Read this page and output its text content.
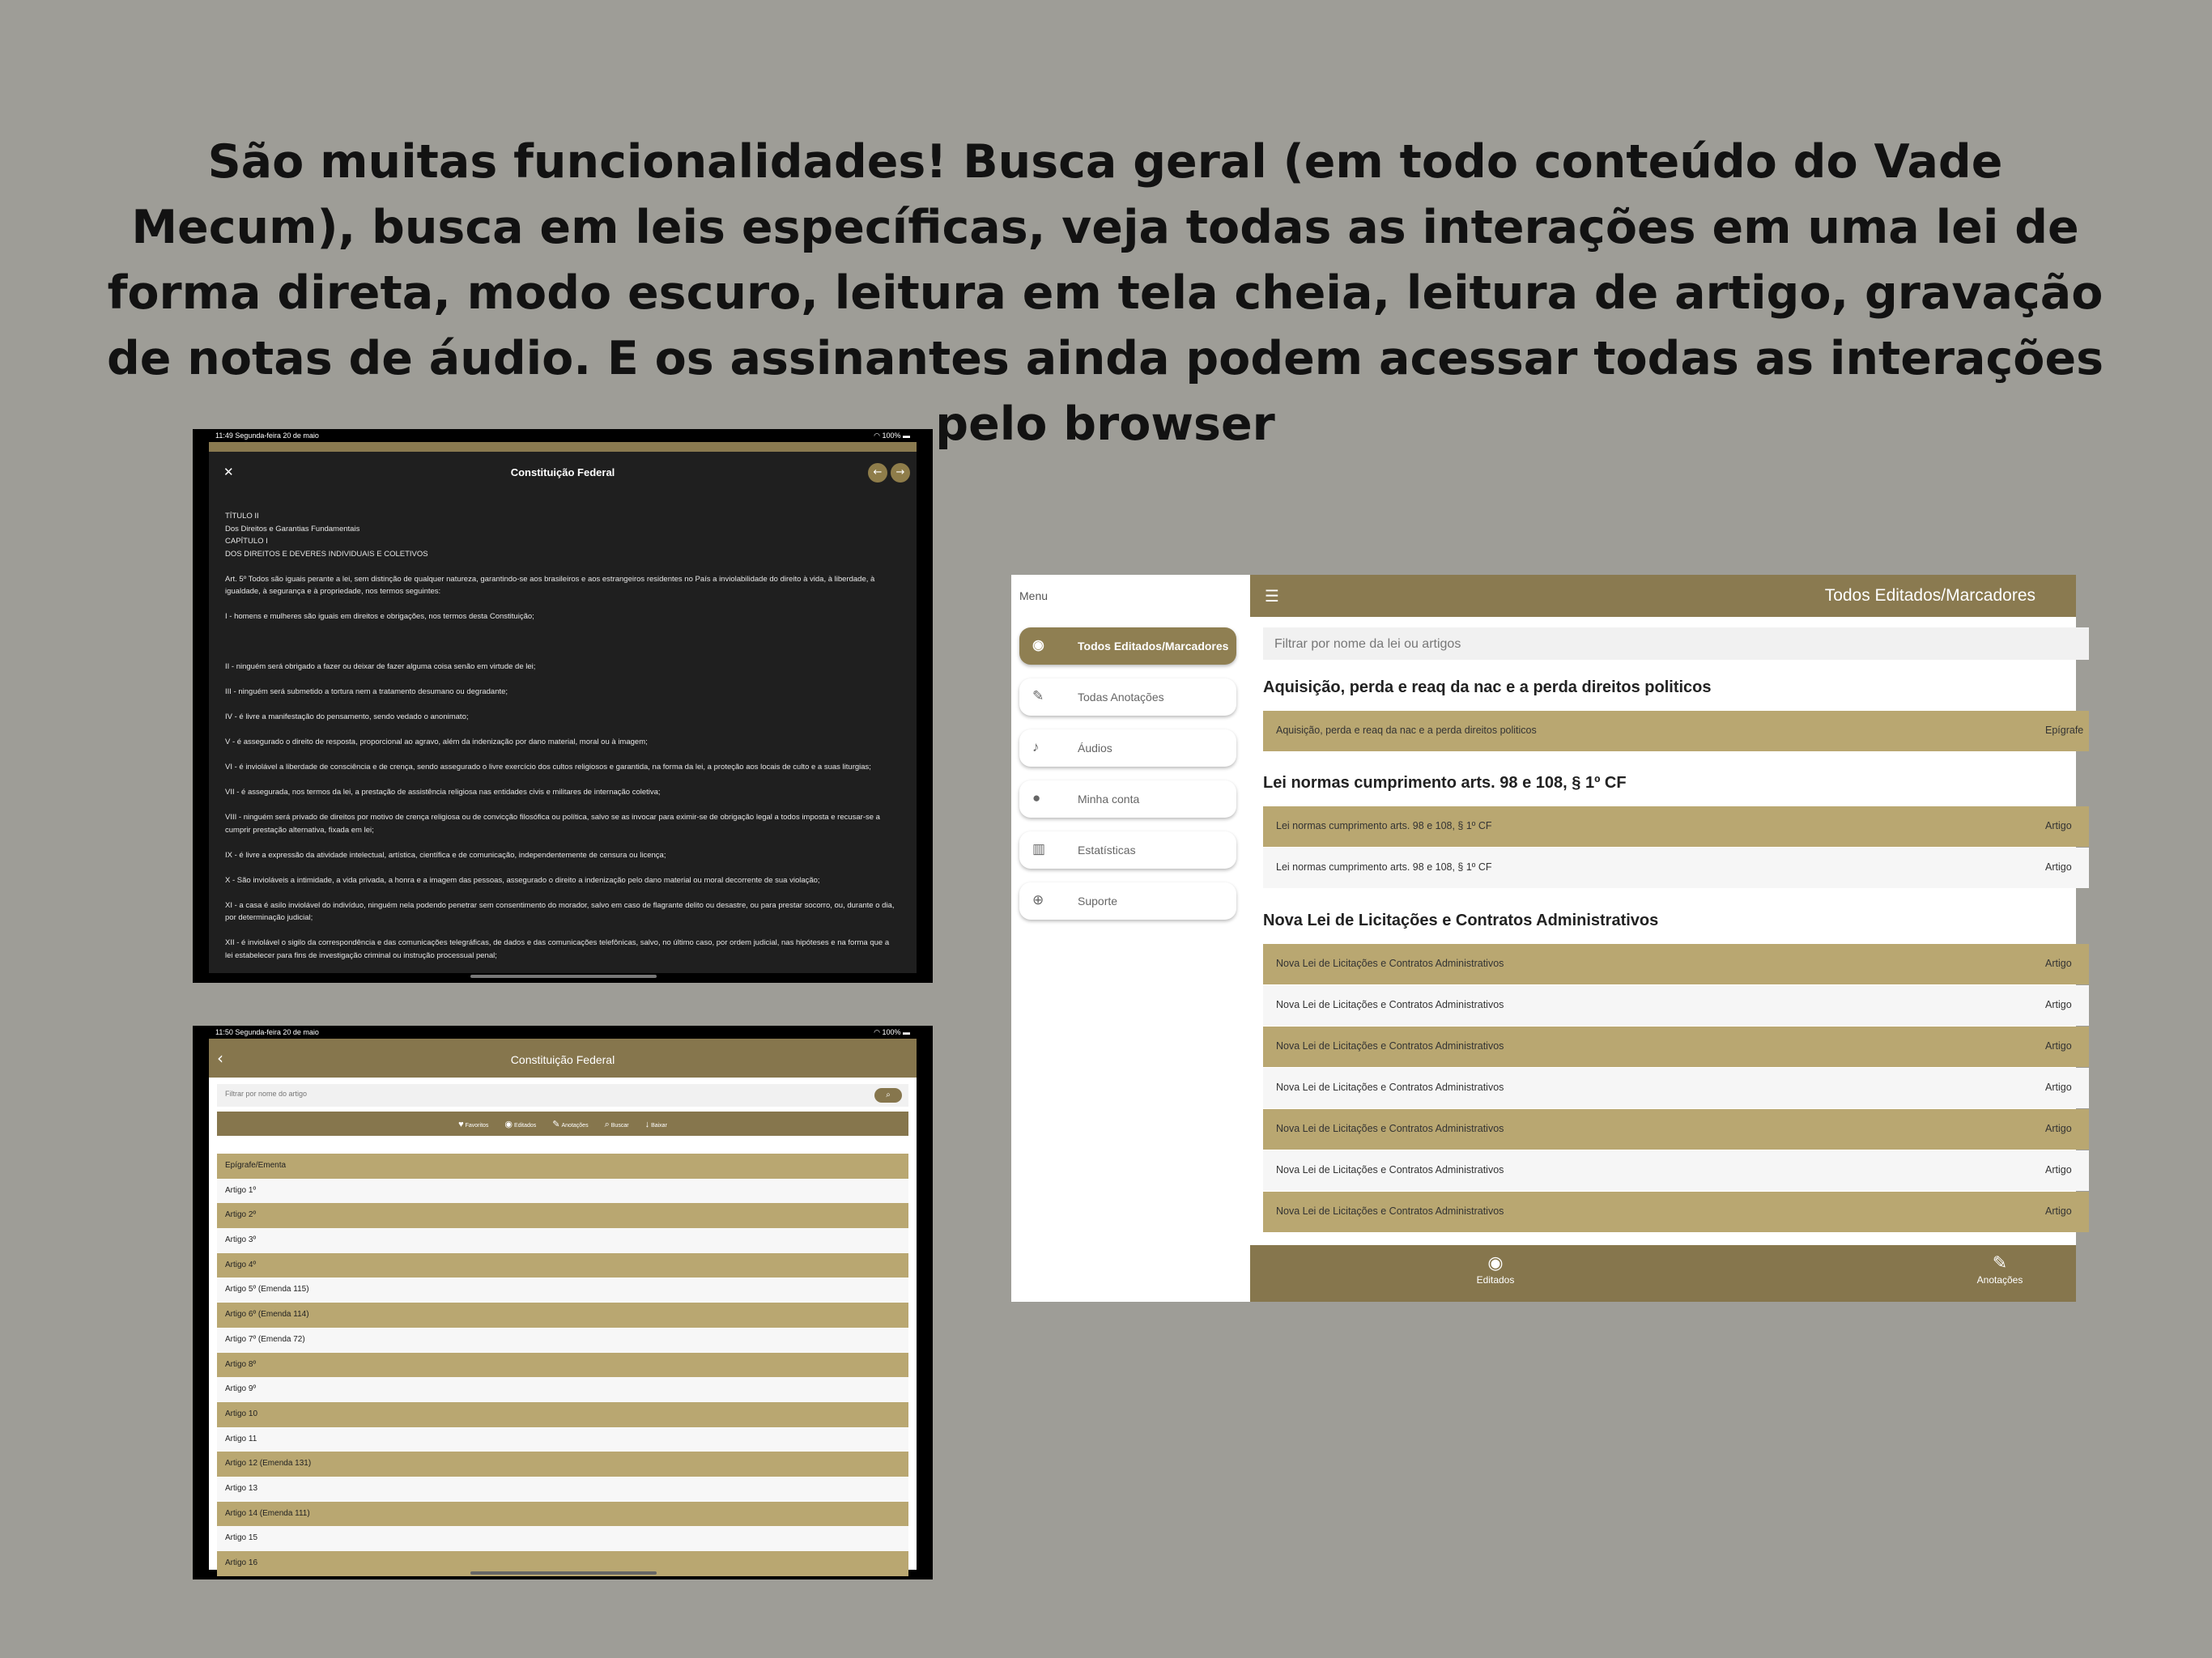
São muitas funcionalidades! Busca geral (em todo conteúdo do Vade Mecum), busca em leis específicas, veja todas as interações em uma lei de forma direta, modo escuro, leitura em tela cheia, leitura de artigo, gravação de notas de áudio. E os assinantes ainda podem acessar todas as interações pelo browser
11:49 Segunda-feira 20 de maio	◠ 100% ▬
✕	Constituição Federal	←	→
TÍTULO II
Dos Direitos e Garantias Fundamentais
CAPÍTULO I
DOS DIREITOS E DEVERES INDIVIDUAIS E COLETIVOS
Art. 5º Todos são iguais perante a lei, sem distinção de qualquer natureza, garantindo-se aos brasileiros e aos estrangeiros residentes no País a inviolabilidade do direito à vida, à liberdade, à igualdade, à segurança e à propriedade, nos termos seguintes:
I - homens e mulheres são iguais em direitos e obrigações, nos termos desta Constituição;

II - ninguém será obrigado a fazer ou deixar de fazer alguma coisa senão em virtude de lei;
III - ninguém será submetido a tortura nem a tratamento desumano ou degradante;
IV - é livre a manifestação do pensamento, sendo vedado o anonimato;
V - é assegurado o direito de resposta, proporcional ao agravo, além da indenização por dano material, moral ou à imagem;
VI - é inviolável a liberdade de consciência e de crença, sendo assegurado o livre exercício dos cultos religiosos e garantida, na forma da lei, a proteção aos locais de culto e a suas liturgias;
VII - é assegurada, nos termos da lei, a prestação de assistência religiosa nas entidades civis e militares de internação coletiva;
VIII - ninguém será privado de direitos por motivo de crença religiosa ou de convicção filosófica ou política, salvo se as invocar para eximir-se de obrigação legal a todos imposta e recusar-se a cumprir prestação alternativa, fixada em lei;
IX - é livre a expressão da atividade intelectual, artística, científica e de comunicação, independentemente de censura ou licença;
X - São invioláveis a intimidade, a vida privada, a honra e a imagem das pessoas, assegurado o direito a indenização pelo dano material ou moral decorrente de sua violação;
XI - a casa é asilo inviolável do indivíduo, ninguém nela podendo penetrar sem consentimento do morador, salvo em caso de flagrante delito ou desastre, ou para prestar socorro, ou, durante o dia, por determinação judicial;
XII - é inviolável o sigilo da correspondência e das comunicações telegráficas, de dados e das comunicações telefônicas, salvo, no último caso, por ordem judicial, nas hipóteses e na forma que a lei estabelecer para fins de investigação criminal ou instrução processual penal;
11:50 Segunda-feira 20 de maio	◠ 100% ▬
‹	Constituição Federal
Filtrar por nome do artigo
⌕
♥ Favoritos ◉ Editados ✎ Anotações ⌕ Buscar ↓ Baixar
Epígrafe/Ementa
Artigo 1º
Artigo 2º
Artigo 3º
Artigo 4º
Artigo 5º (Emenda 115)
Artigo 6º (Emenda 114)
Artigo 7º (Emenda 72)
Artigo 8º
Artigo 9º
Artigo 10
Artigo 11
Artigo 12 (Emenda 131)
Artigo 13
Artigo 14 (Emenda 111)
Artigo 15
Artigo 16
Menu
◉	Todos Editados/Marcadores
✎	Todas Anotações
♪	Áudios
●	Minha conta
▥	Estatísticas
⊕	Suporte
☰	Todos Editados/Marcadores
Filtrar por nome da lei ou artigos
Aquisição, perda e reaq da nac e a perda direitos politicos
Aquisição, perda e reaq da nac e a perda direitos politicos	Epígrafe
Lei normas cumprimento arts. 98 e 108, § 1º CF
Lei normas cumprimento arts. 98 e 108, § 1º CF	Artigo
Lei normas cumprimento arts. 98 e 108, § 1º CF	Artigo
Nova Lei de Licitações e Contratos Administrativos
Nova Lei de Licitações e Contratos Administrativos	Artigo
Nova Lei de Licitações e Contratos Administrativos	Artigo
Nova Lei de Licitações e Contratos Administrativos	Artigo
Nova Lei de Licitações e Contratos Administrativos	Artigo
Nova Lei de Licitações e Contratos Administrativos	Artigo
Nova Lei de Licitações e Contratos Administrativos	Artigo
Nova Lei de Licitações e Contratos Administrativos	Artigo
◉
Editados
✎
Anotações
